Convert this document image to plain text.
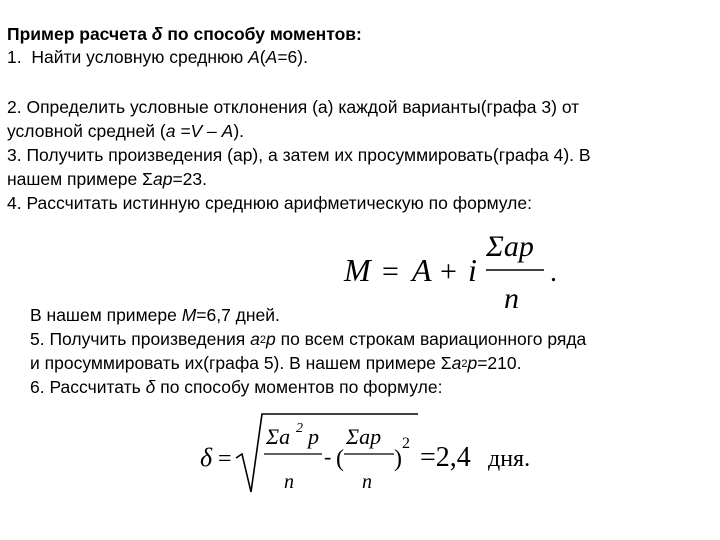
Пример расчета δ по способу моментов:
1. Найти условную среднюю А(А=6).
2. Определить условные отклонения (а) каждой варианты(графа 3) от
условной средней (а =V – А).
3. Получить произведения (ар), а затем их просуммировать(графа 4). В
нашем примере Σар=23.
4. Рассчитать истинную среднюю арифметическую по формуле:
M = A + i
Σap
n
.
В нашем примере М=6,7 дней.
5. Получить произведения $а^2р$ по всем строкам вариационного ряда
и просуммировать их(графа 5). В нашем примере $\Sigma а^2р=210$.
6. Рассчитать δ по способу моментов по формуле:
δ =
Σa 2 p
n
- (
Σap
n
)
2 =2,4 дня.
